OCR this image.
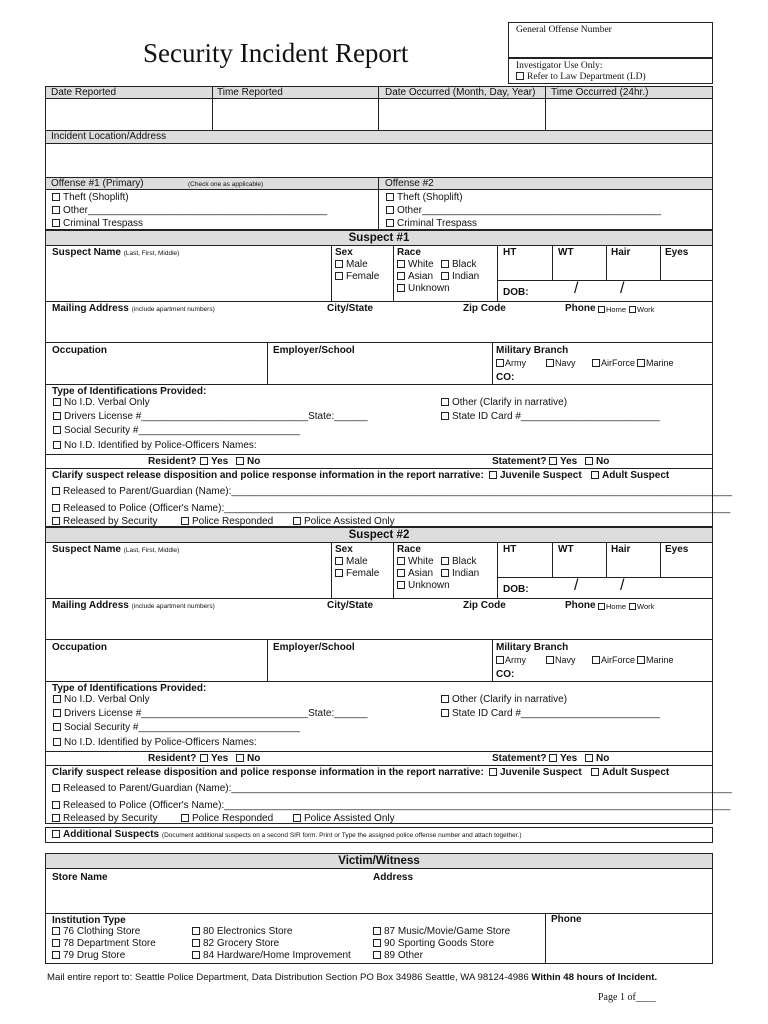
Security Incident Report
General Offense Number
Investigator Use Only:
Refer to Law Department (LD)
Date Reported	Time Reported	Date Occurred (Month, Day, Year) Time Occurred (24hr.)
Incident Location/Address
Offense #1 (Primary)	(Check one as applicable)	Offense #2
Theft (Shoplift)
Other___________________________________________
Criminal Trespass
Theft (Shoplift)
Other___________________________________________
Criminal Trespass
Suspect #1
Suspect Name (Last, First, Middle)	Sex
Male
Female
Race
White	Black
Asian	Indian
Unknown
HT	WT	Hair	Eyes
DOB:	/	/
Mailing Address (include apartment numbers)	City/State	Zip Code	Phone	Home Work
Occupation	Employer/School	Military Branch
Army	Navy	AirForce	Marine
CO:
Type of Identifications Provided:
No I.D. Verbal Only	Other (Clarify in narrative)
Drivers License #______________________________State:______	State ID Card #_________________________
Social Security #_____________________________
No I.D. Identified by Police-Officers Names:
Resident?	Yes	No	Statement?	Yes	No
Clarify suspect release disposition and police response information in the report narrative:	Juvenile Suspect	Adult Suspect
Released to Parent/Guardian (Name):__________________________________________________________________________________________
Released to Police (Officer's Name):___________________________________________________________________________________________
Released by Security	Police Responded	Police Assisted Only
Suspect #2
Suspect Name (Last, First, Middle)	Sex
Male
Female
Race
White	Black
Asian	Indian
Unknown
HT	WT	Hair	Eyes
DOB:	/	/
Mailing Address (include apartment numbers)	City/State	Zip Code	Phone	Home Work
Occupation	Employer/School	Military Branch
Army	Navy	AirForce	Marine
CO:
Type of Identifications Provided:
No I.D. Verbal Only	Other (Clarify in narrative)
Drivers License #______________________________State:______	State ID Card #_________________________
Social Security #_____________________________
No I.D. Identified by Police-Officers Names:
Resident?	Yes	No	Statement?	Yes	No
Clarify suspect release disposition and police response information in the report narrative:	Juvenile Suspect	Adult Suspect
Released to Parent/Guardian (Name):__________________________________________________________________________________________
Released to Police (Officer's Name):___________________________________________________________________________________________
Released by Security	Police Responded	Police Assisted Only
Additional Suspects (Document additional suspects on a second SIR form. Print or Type the assigned police offense number and attach together.)
Victim/Witness
Store Name	Address
Institution Type	Phone
76 Clothing Store
78 Department Store
79 Drug Store
80 Electronics Store
82 Grocery Store
84 Hardware/Home Improvement
87 Music/Movie/Game Store
90 Sporting Goods Store
89 Other
Mail entire report to: Seattle Police Department, Data Distribution Section PO Box 34986 Seattle, WA 98124-4986 Within 48 hours of Incident.
Page 1 of____
